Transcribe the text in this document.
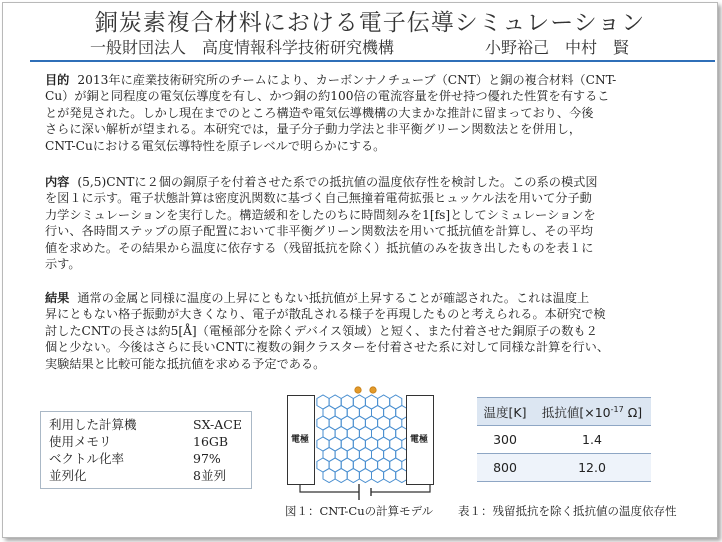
銅炭素複合材料における電子伝導シミュレーション
一般財団法人　高度情報科学技術研究機構	小野裕己　中村　賢
目的 2013年に産業技術研究所のチームにより、カーボンナノチューブ（CNT）と銅の複合材料（CNT-
Cu）が銅と同程度の電気伝導度を有し、かつ銅の約100倍の電流容量を併せ持つ優れた性質を有するこ
とが発見された。しかし現在までのところ構造や電気伝導機構の大まかな推計に留まっており、今後
さらに深い解析が望まれる。本研究では，量子分子動力学法と非平衡グリーン関数法とを併用し，
CNT-Cuにおける電気伝導特性を原子レベルで明らかにする。
内容 (5,5)CNTに２個の銅原子を付着させた系での抵抗値の温度依存性を検討した。この系の模式図
を図１に示す。電子状態計算は密度汎関数に基づく自己無撞着電荷拡張ヒュッケル法を用いて分子動
力学シミュレーションを実行した。構造緩和をしたのちに時間刻みを1[fs]としてシミュレーションを
行い、各時間ステップの原子配置において非平衡グリーン関数法を用いて抵抗値を計算し、その平均
値を求めた。その結果から温度に依存する（残留抵抗を除く）抵抗値のみを抜き出したものを表１に
示す。
結果 通常の金属と同様に温度の上昇にともない抵抗値が上昇することが確認された。これは温度上
昇にともない格子振動が大きくなり、電子が散乱される様子を再現したものと考えられる。本研究で検
討したCNTの長さは約5[Å]（電極部分を除くデバイス領域）と短く、また付着させた銅原子の数も２
個と少ない。今後はさらに長いCNTに複数の銅クラスターを付着させた系に対して同様な計算を行い、
実験結果と比較可能な抵抗値を求める予定である。
利用した計算機	SX-ACE
使用メモリ	16GB
ベクトル化率	97%
並列化	8並列
電極	電極
図１：CNT-Cuの計算モデル
温度[K]	抵抗値[$\times 10^{-17}$ Ω]
300	1.4
800	12.0
表１：残留抵抗を除く抵抗値の温度依存性
